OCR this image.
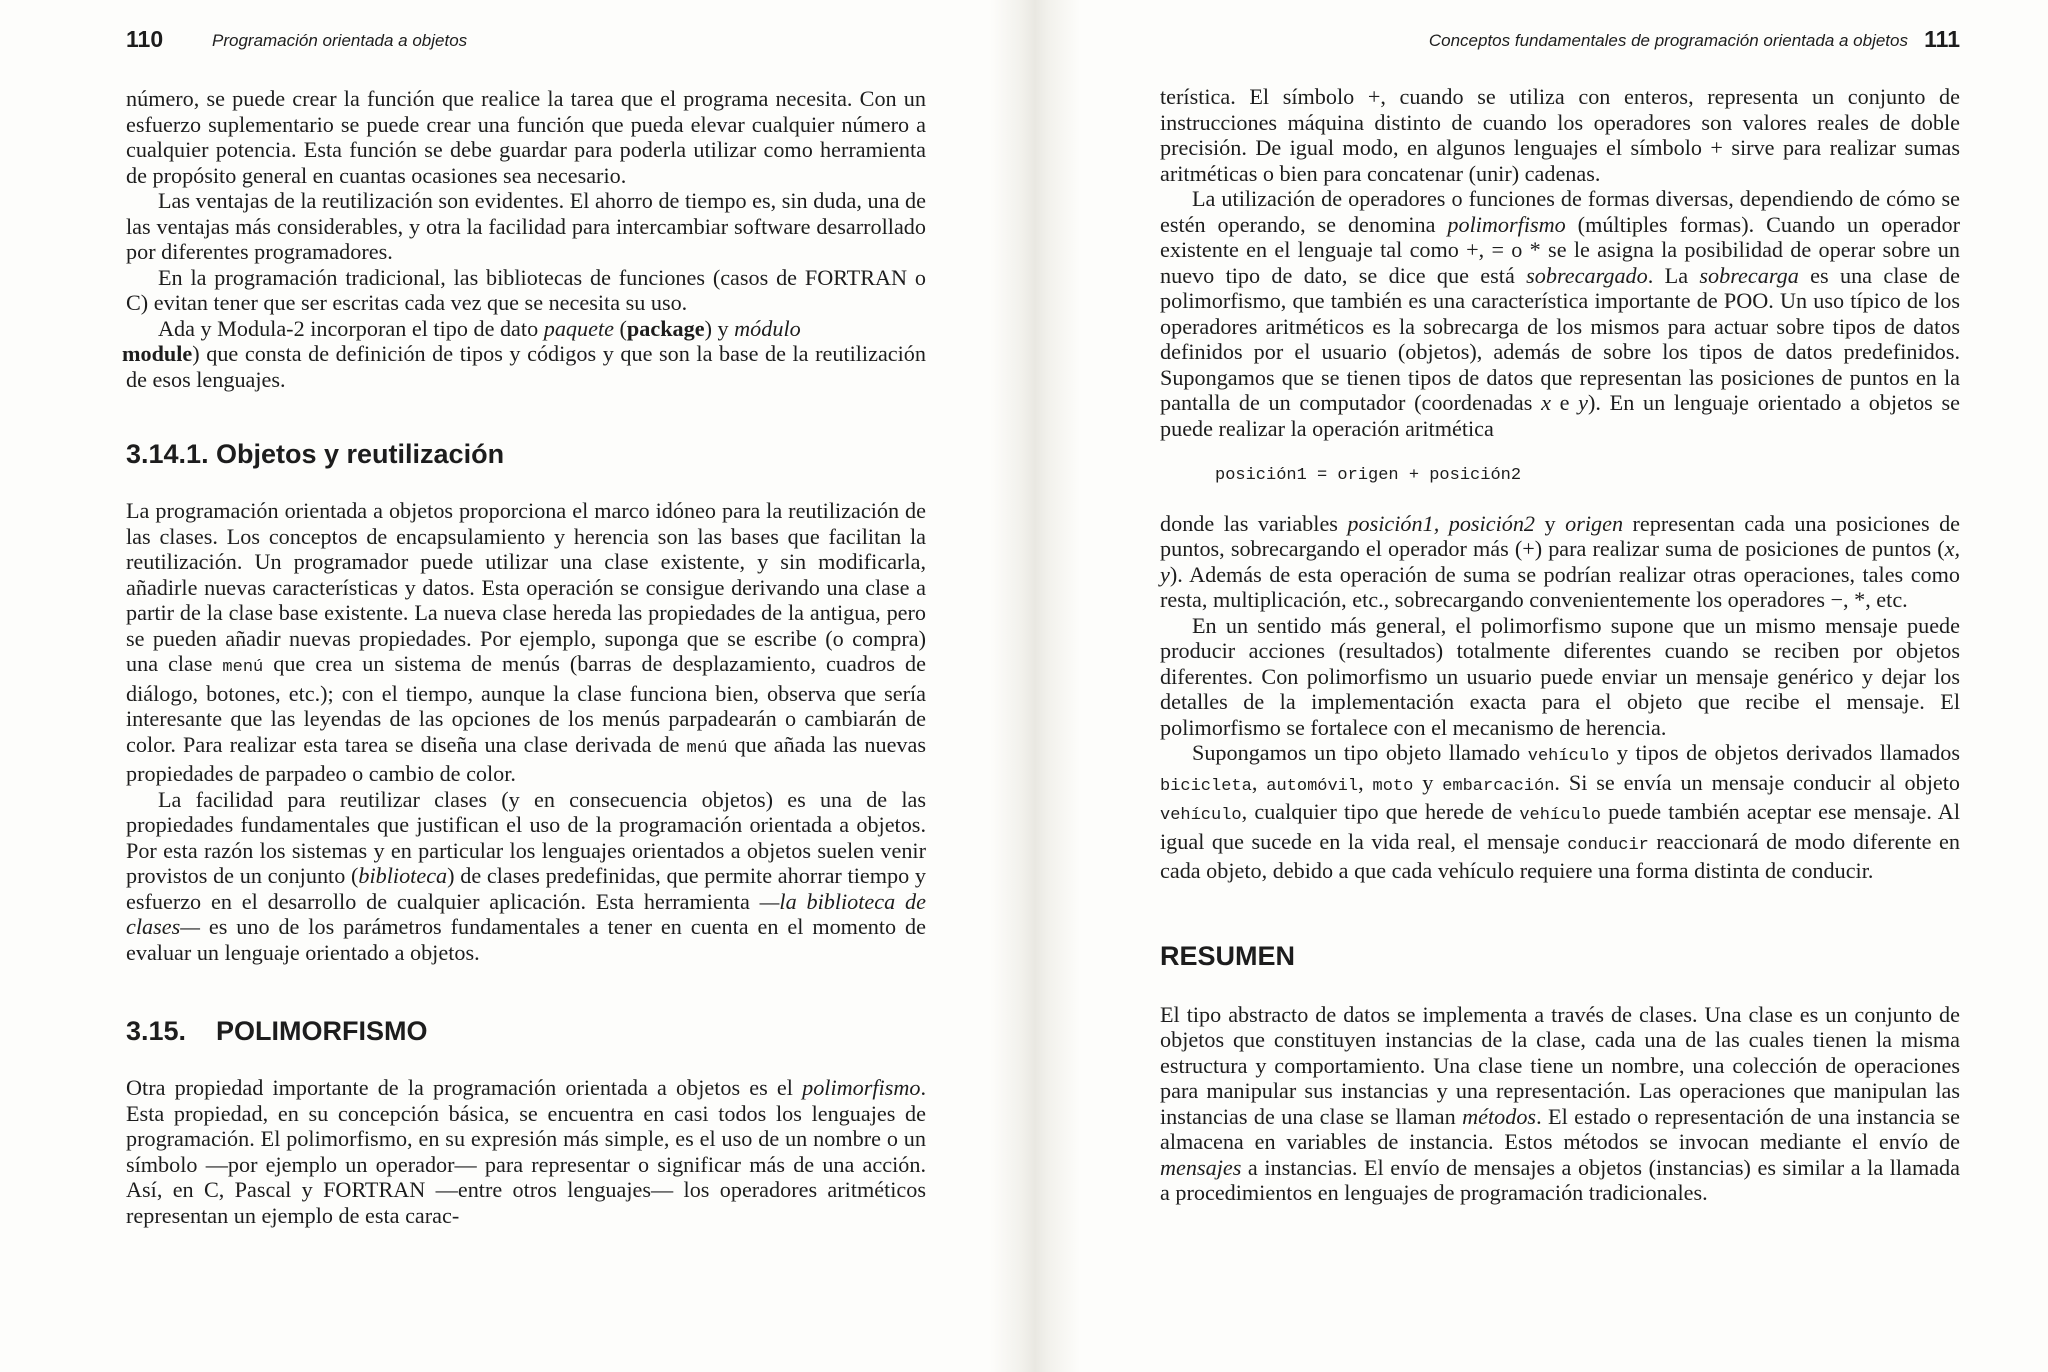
110	Programación orientada a objetos

número, se puede crear la función que realice la tarea que el programa necesita. Con un esfuerzo suplementario se puede crear una función que pueda elevar cualquier número a cualquier potencia. Esta función se debe guardar para poderla utilizar como herramienta de propósito general en cuantas ocasiones sea necesario.

Las ventajas de la reutilización son evidentes. El ahorro de tiempo es, sin duda, una de las ventajas más considerables, y otra la facilidad para intercambiar software desarrollado por diferentes programadores.

En la programación tradicional, las bibliotecas de funciones (casos de FORTRAN o C) evitan tener que ser escritas cada vez que se necesita su uso.

Ada y Modula-2 incorporan el tipo de dato paquete (package) y módulo
module) que consta de definición de tipos y códigos y que son la base de la reutilización de esos lenguajes.

3.14.1. Objetos y reutilización

La programación orientada a objetos proporciona el marco idóneo para la reutilización de las clases. Los conceptos de encapsulamiento y herencia son las bases que facilitan la reutilización. Un programador puede utilizar una clase existente, y sin modificarla, añadirle nuevas características y datos. Esta operación se consigue derivando una clase a partir de la clase base existente. La nueva clase hereda las propiedades de la antigua, pero se pueden añadir nuevas propiedades. Por ejemplo, suponga que se escribe (o compra) una clase menú que crea un sistema de menús (barras de desplazamiento, cuadros de diálogo, botones, etc.); con el tiempo, aunque la clase funciona bien, observa que sería interesante que las leyendas de las opciones de los menús parpadearán o cambiarán de color. Para realizar esta tarea se diseña una clase derivada de menú que añada las nuevas propiedades de parpadeo o cambio de color.

La facilidad para reutilizar clases (y en consecuencia objetos) es una de las propiedades fundamentales que justifican el uso de la programación orientada a objetos. Por esta razón los sistemas y en particular los lenguajes orientados a objetos suelen venir provistos de un conjunto (biblioteca) de clases predefinidas, que permite ahorrar tiempo y esfuerzo en el desarrollo de cualquier aplicación. Esta herramienta —la biblioteca de clases— es uno de los parámetros fundamentales a tener en cuenta en el momento de evaluar un lenguaje orientado a objetos.

3.15. POLIMORFISMO

Otra propiedad importante de la programación orientada a objetos es el polimorfismo. Esta propiedad, en su concepción básica, se encuentra en casi todos los lenguajes de programación. El polimorfismo, en su expresión más simple, es el uso de un nombre o un símbolo —por ejemplo un operador— para representar o significar más de una acción. Así, en C, Pascal y FORTRAN —entre otros lenguajes— los operadores aritméticos representan un ejemplo de esta carac-

Conceptos fundamentales de programación orientada a objetos 111

terística. El símbolo +, cuando se utiliza con enteros, representa un conjunto de instrucciones máquina distinto de cuando los operadores son valores reales de doble precisión. De igual modo, en algunos lenguajes el símbolo + sirve para realizar sumas aritméticas o bien para concatenar (unir) cadenas.

La utilización de operadores o funciones de formas diversas, dependiendo de cómo se estén operando, se denomina polimorfismo (múltiples formas). Cuando un operador existente en el lenguaje tal como +, = o * se le asigna la posibilidad de operar sobre un nuevo tipo de dato, se dice que está sobrecargado. La sobrecarga es una clase de polimorfismo, que también es una característica importante de POO. Un uso típico de los operadores aritméticos es la sobrecarga de los mismos para actuar sobre tipos de datos definidos por el usuario (objetos), además de sobre los tipos de datos predefinidos. Supongamos que se tienen tipos de datos que representan las posiciones de puntos en la pantalla de un computador (coordenadas x e y). En un lenguaje orientado a objetos se puede realizar la operación aritmética

posición1 = origen + posición2

donde las variables posición1, posición2 y origen representan cada una posiciones de puntos, sobrecargando el operador más (+) para realizar suma de posiciones de puntos (x, y). Además de esta operación de suma se podrían realizar otras operaciones, tales como resta, multiplicación, etc., sobrecargando convenientemente los operadores −, *, etc.

En un sentido más general, el polimorfismo supone que un mismo mensaje puede producir acciones (resultados) totalmente diferentes cuando se reciben por objetos diferentes. Con polimorfismo un usuario puede enviar un mensaje genérico y dejar los detalles de la implementación exacta para el objeto que recibe el mensaje. El polimorfismo se fortalece con el mecanismo de herencia.

Supongamos un tipo objeto llamado vehículo y tipos de objetos derivados llamados bicicleta, automóvil, moto y embarcación. Si se envía un mensaje conducir al objeto vehículo, cualquier tipo que herede de vehículo puede también aceptar ese mensaje. Al igual que sucede en la vida real, el mensaje conducir reaccionará de modo diferente en cada objeto, debido a que cada vehículo requiere una forma distinta de conducir.

RESUMEN

El tipo abstracto de datos se implementa a través de clases. Una clase es un conjunto de objetos que constituyen instancias de la clase, cada una de las cuales tienen la misma estructura y comportamiento. Una clase tiene un nombre, una colección de operaciones para manipular sus instancias y una representación. Las operaciones que manipulan las instancias de una clase se llaman métodos. El estado o representación de una instancia se almacena en variables de instancia. Estos métodos se invocan mediante el envío de mensajes a instancias. El envío de mensajes a objetos (instancias) es similar a la llamada a procedimientos en lenguajes de programación tradicionales.
